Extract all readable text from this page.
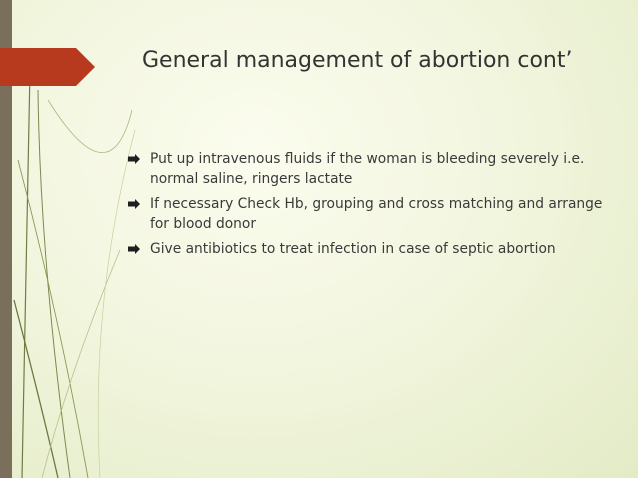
General management of abortion cont’
Put up intravenous fluids if the woman is bleeding severely i.e. normal saline, ringers lactate
If necessary Check Hb, grouping and cross matching and arrange for blood donor
Give antibiotics to treat infection in case of septic abortion
